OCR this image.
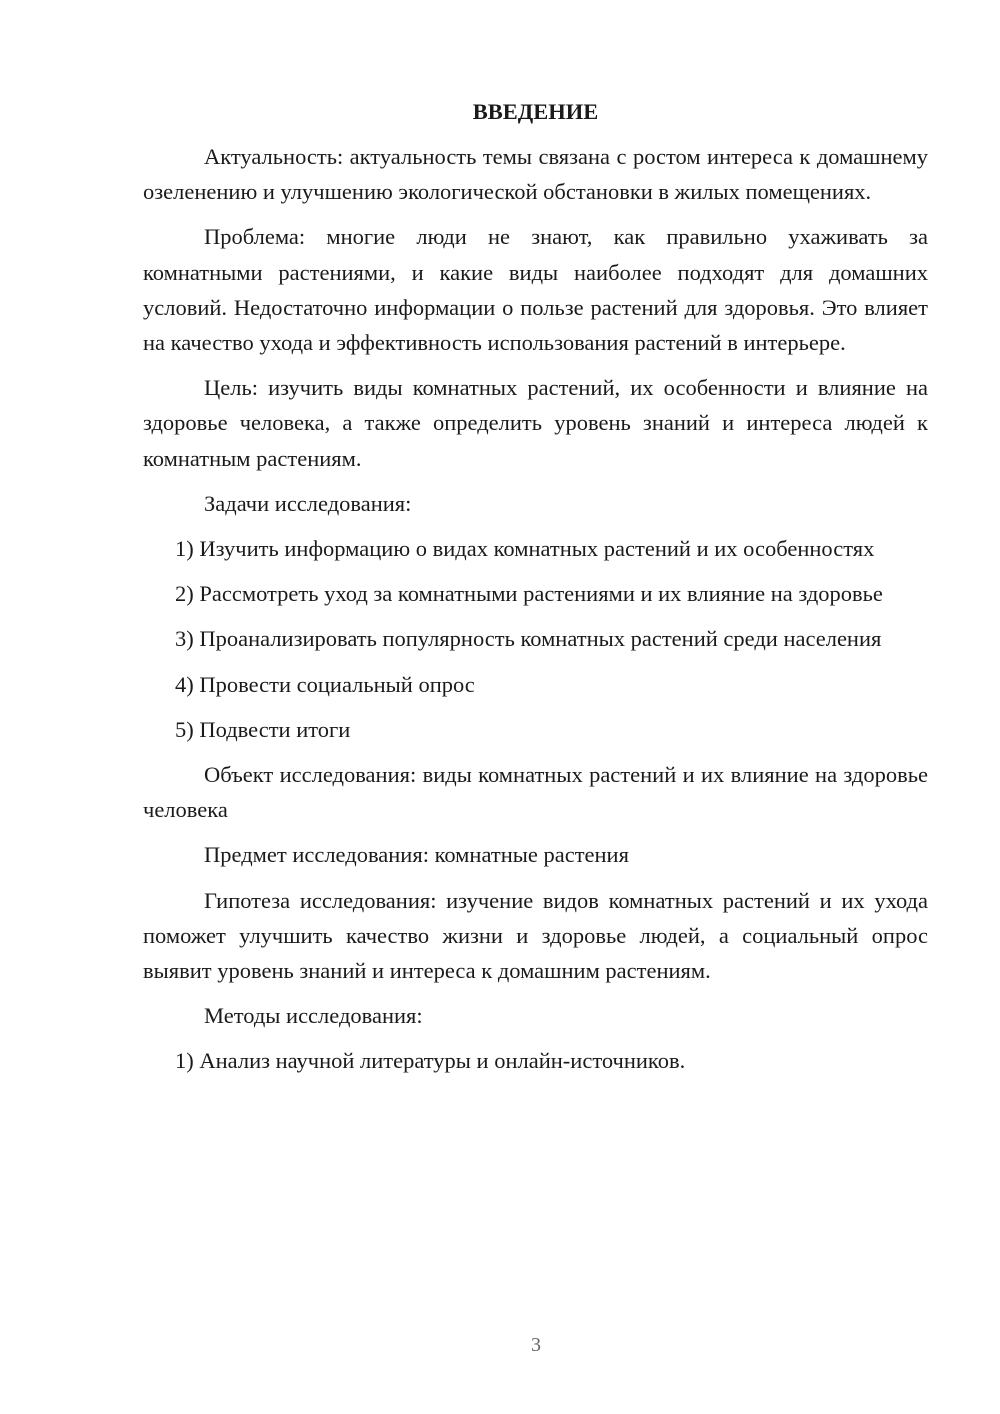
ВВЕДЕНИЕ

Актуальность: актуальность темы связана с ростом интереса к домашнему озеленению и улучшению экологической обстановки в жилых помещениях.

Проблема: многие люди не знают, как правильно ухаживать за комнатными растениями, и какие виды наиболее подходят для домашних условий. Недостаточно информации о пользе растений для здоровья. Это влияет на качество ухода и эффективность использования растений в интерьере.

Цель: изучить виды комнатных растений, их особенности и влияние на здоровье человека, а также определить уровень знаний и интереса людей к комнатным растениям.

Задачи исследования:

1) Изучить информацию о видах комнатных растений и их особенностях

2) Рассмотреть уход за комнатными растениями и их влияние на здоровье

3) Проанализировать популярность комнатных растений среди населения

4) Провести социальный опрос

5) Подвести итоги

Объект исследования: виды комнатных растений и их влияние на здоровье человека

Предмет исследования: комнатные растения

Гипотеза исследования: изучение видов комнатных растений и их ухода поможет улучшить качество жизни и здоровье людей, а социальный опрос выявит уровень знаний и интереса к домашним растениям.

Методы исследования:

1) Анализ научной литературы и онлайн-источников.

3
